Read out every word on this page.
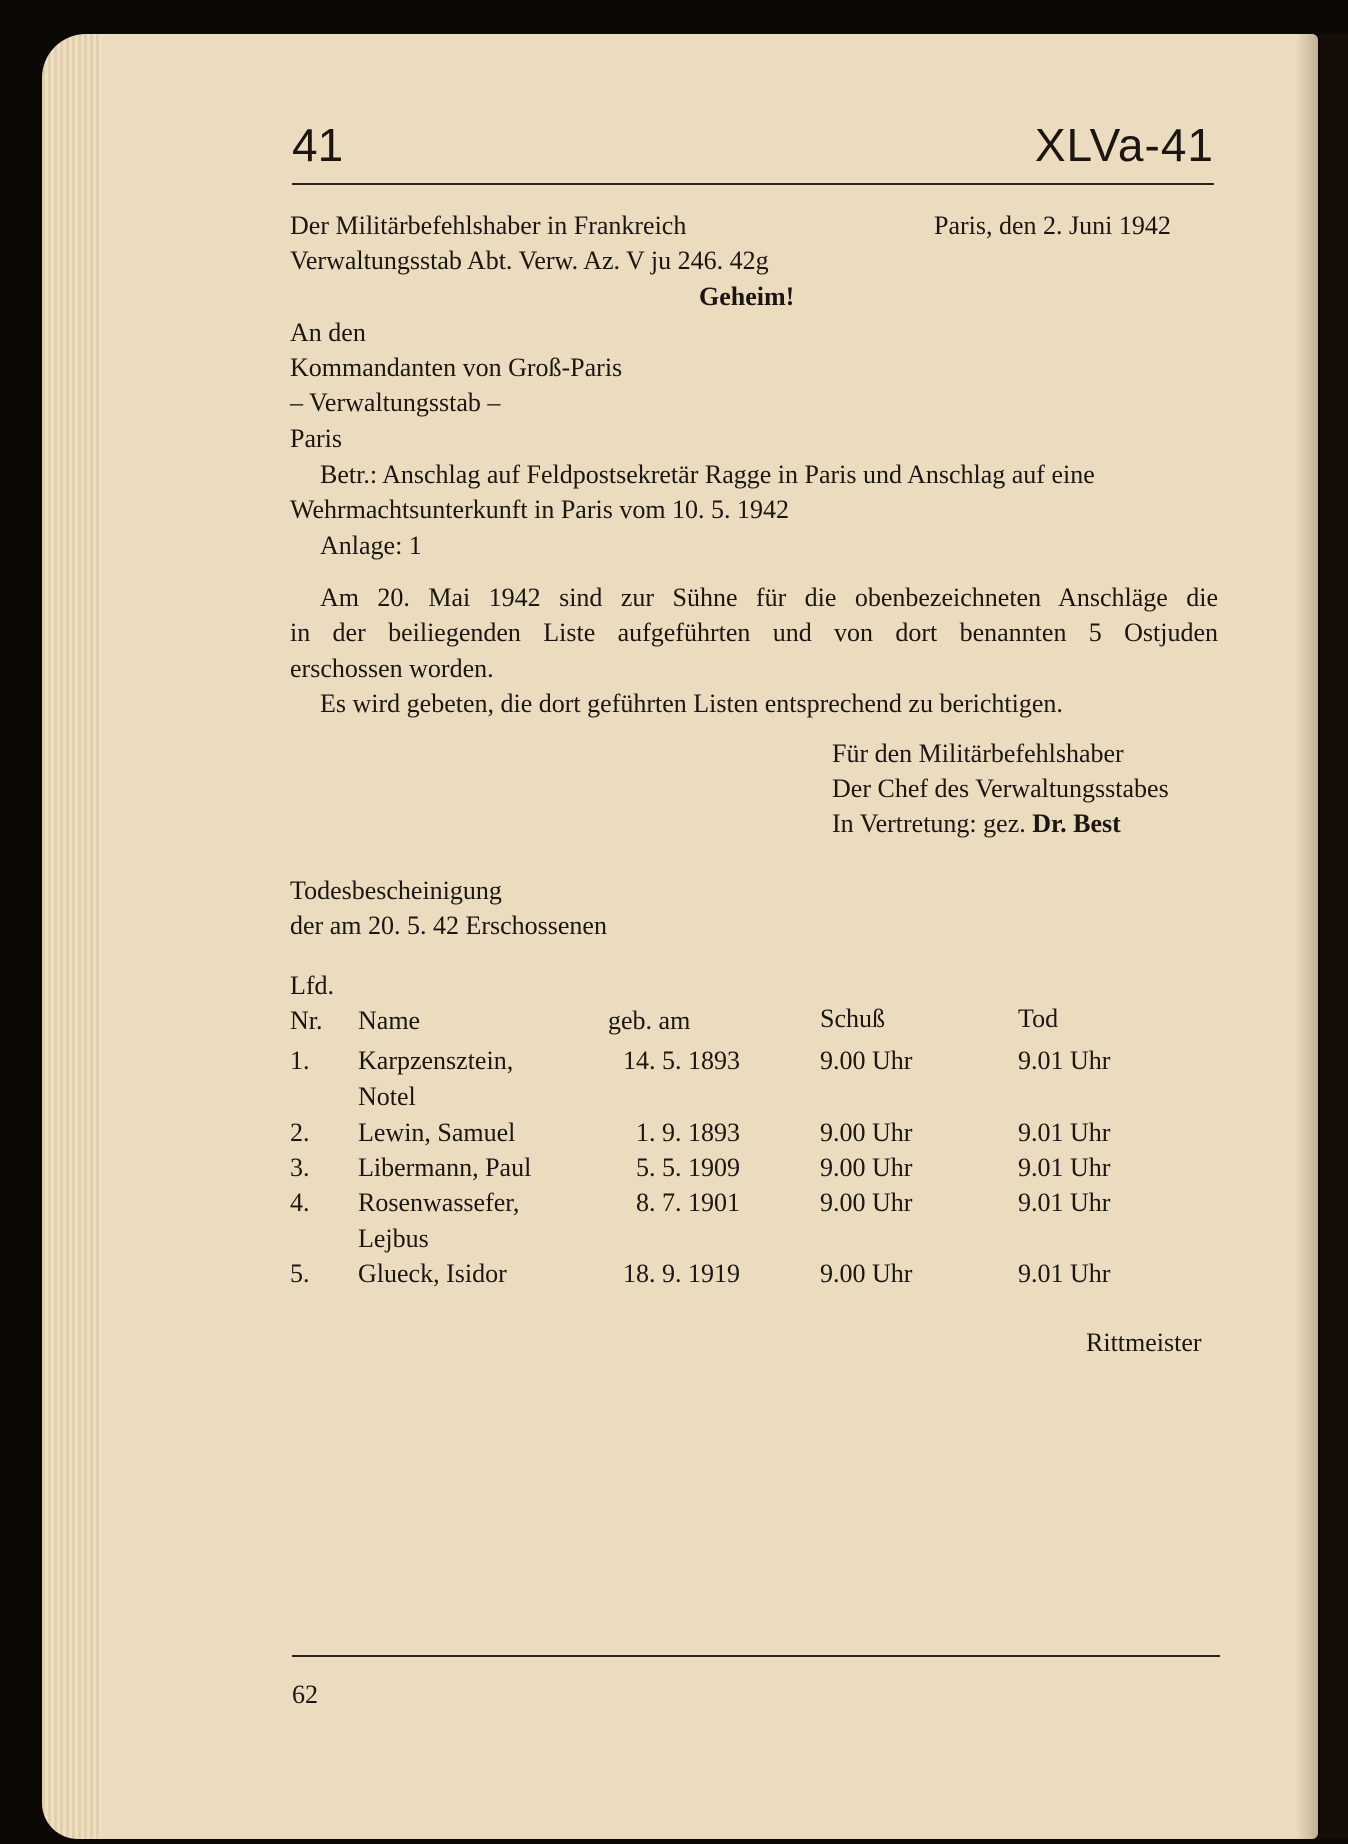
41	XLVa-41
Der Militärbefehlshaber in Frankreich	Paris, den 2. Juni 1942
Verwaltungsstab Abt. Verw. Az. V ju 246. 42g
Geheim!
An den
Kommandanten von Groß-Paris
– Verwaltungsstab –
Paris
Betr.: Anschlag auf Feldpostsekretär Ragge in Paris und Anschlag auf eine
Wehrmachtsunterkunft in Paris vom 10. 5. 1942
Anlage: 1
Am 20. Mai 1942 sind zur Sühne für die obenbezeichneten Anschläge die
in der beiliegenden Liste aufgeführten und von dort benannten 5 Ostjuden
erschossen worden.
Es wird gebeten, die dort geführten Listen entsprechend zu berichtigen.
Für den Militärbefehlshaber
Der Chef des Verwaltungsstabes
In Vertretung: gez. Dr. Best
Todesbescheinigung
der am 20. 5. 42 Erschossenen
Lfd.
Nr. Name	geb. am	Schuß	Tod
1. Karpzensztein,
Notel
14. 5. 1893	9.00 Uhr	9.01 Uhr
2. Lewin, Samuel	1. 9. 1893	9.00 Uhr	9.01 Uhr
3. Libermann, Paul	5. 5. 1909	9.00 Uhr	9.01 Uhr
4. Rosenwassefer,
Lejbus
8. 7. 1901	9.00 Uhr	9.01 Uhr
5. Glueck, Isidor	18. 9. 1919	9.00 Uhr	9.01 Uhr
Rittmeister
62
